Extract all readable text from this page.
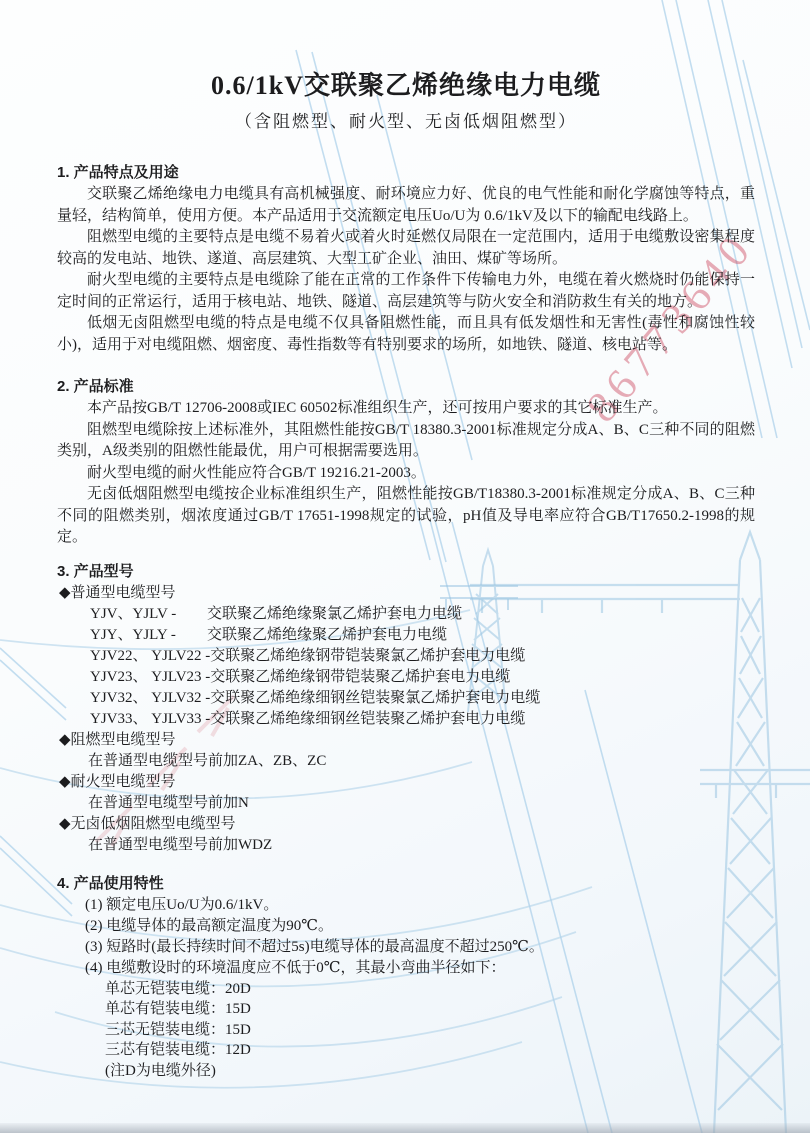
86773640
0.6/1kV交联聚乙烯绝缘电力电缆
（含阻燃型、耐火型、无卤低烟阻燃型）
1. 产品特点及用途

交联聚乙烯绝缘电力电缆具有高机械强度、耐环境应力好、优良的电气性能和耐化学腐蚀等特点，重量轻，结构简单，使用方便。本产品适用于交流额定电压Uo/U为 0.6/1kV及以下的输配电线路上。

阻燃型电缆的主要特点是电缆不易着火或着火时延燃仅局限在一定范围内，适用于电缆敷设密集程度较高的发电站、地铁、遂道、高层建筑、大型工矿企业、油田、煤矿等场所。

耐火型电缆的主要特点是电缆除了能在正常的工作条件下传输电力外，电缆在着火燃烧时仍能保持一定时间的正常运行，适用于核电站、地铁、隧道、高层建筑等与防火安全和消防救生有关的地方。

低烟无卤阻燃型电缆的特点是电缆不仅具备阻燃性能，而且具有低发烟性和无害性(毒性和腐蚀性较小)，适用于对电缆阻燃、烟密度、毒性指数等有特别要求的场所，如地铁、隧道、核电站等。

2. 产品标准

本产品按GB/T 12706-2008或IEC 60502标准组织生产，还可按用户要求的其它标准生产。

阻燃型电缆除按上述标准外，其阻燃性能按GB/T 18380.3-2001标准规定分成A、B、C三种不同的阻燃类别，A级类别的阻燃性能最优，用户可根据需要选用。

耐火型电缆的耐火性能应符合GB/T 19216.21-2003。

无卤低烟阻燃型电缆按企业标准组织生产，阻燃性能按GB/T18380.3-2001标准规定分成A、B、C三种不同的阻燃类别，烟浓度通过GB/T 17651-1998规定的试验，pH值及导电率应符合GB/T17650.2-1998的规定。

3. 产品型号
◆普通型电缆型号
YJV、YJLV -	交联聚乙烯绝缘聚氯乙烯护套电力电缆
YJY、YJLY -	交联聚乙烯绝缘聚乙烯护套电力电缆
YJV22、 YJLV22 - 交联聚乙烯绝缘钢带铠装聚氯乙烯护套电力电缆
YJV23、 YJLV23 - 交联聚乙烯绝缘钢带铠装聚乙烯护套电力电缆
YJV32、 YJLV32 - 交联聚乙烯绝缘细钢丝铠装聚氯乙烯护套电力电缆
YJV33、 YJLV33 - 交联聚乙烯绝缘细钢丝铠装聚乙烯护套电力电缆
◆阻燃型电缆型号
在普通型电缆型号前加ZA、ZB、ZC
◆耐火型电缆型号
在普通型电缆型号前加N
◆无卤低烟阻燃型电缆型号
在普通型电缆型号前加WDZ
4. 产品使用特性
(1) 额定电压Uo/U为0.6/1kV。
(2) 电缆导体的最高额定温度为90℃。
(3) 短路时(最长持续时间不超过5s)电缆导体的最高温度不超过250℃。
(4) 电缆敷设时的环境温度应不低于0℃，其最小弯曲半径如下：
单芯无铠装电缆：20D
单芯有铠装电缆：15D
三芯无铠装电缆：15D
三芯有铠装电缆：12D
(注D为电缆外径)
